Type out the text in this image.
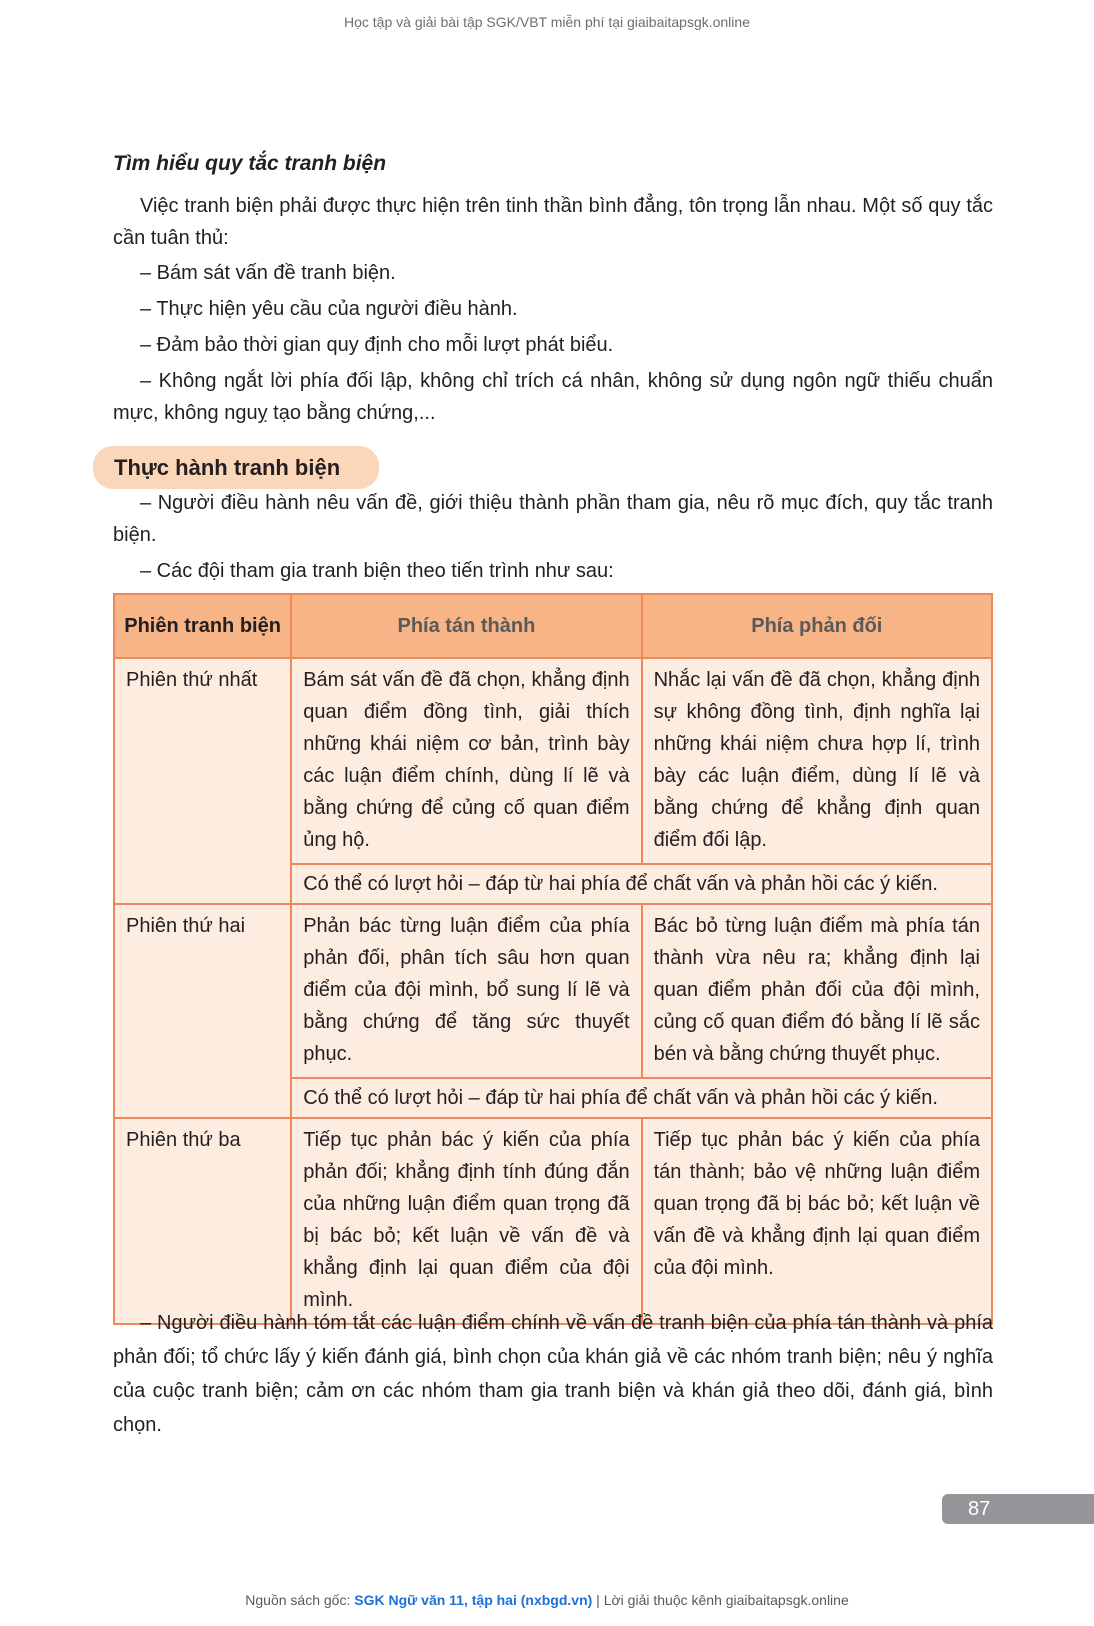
Học tập và giải bài tập SGK/VBT miễn phí tại giaibaitapsgk.online
Tìm hiểu quy tắc tranh biện

Việc tranh biện phải được thực hiện trên tinh thần bình đẳng, tôn trọng lẫn nhau. Một số quy tắc cần tuân thủ:

– Bám sát vấn đề tranh biện.

– Thực hiện yêu cầu của người điều hành.

– Đảm bảo thời gian quy định cho mỗi lượt phát biểu.

– Không ngắt lời phía đối lập, không chỉ trích cá nhân, không sử dụng ngôn ngữ thiếu chuẩn mực, không nguỵ tạo bằng chứng,...

Thực hành tranh biện

– Người điều hành nêu vấn đề, giới thiệu thành phần tham gia, nêu rõ mục đích, quy tắc tranh biện.

– Các đội tham gia tranh biện theo tiến trình như sau:

Phiên tranh biện	Phía tán thành	Phía phản đối
Phiên thứ nhất	Bám sát vấn đề đã chọn, khẳng định quan điểm đồng tình, giải thích những khái niệm cơ bản, trình bày các luận điểm chính, dùng lí lẽ và bằng chứng để củng cố quan điểm ủng hộ.	Nhắc lại vấn đề đã chọn, khẳng định sự không đồng tình, định nghĩa lại những khái niệm chưa hợp lí, trình bày các luận điểm, dùng lí lẽ và bằng chứng để khẳng định quan điểm đối lập.
	Có thể có lượt hỏi – đáp từ hai phía để chất vấn và phản hồi các ý kiến.	
Phiên thứ hai	Phản bác từng luận điểm của phía phản đối, phân tích sâu hơn quan điểm của đội mình, bổ sung lí lẽ và bằng chứng để tăng sức thuyết phục.	Bác bỏ từng luận điểm mà phía tán thành vừa nêu ra; khẳng định lại quan điểm phản đối của đội mình, củng cố quan điểm đó bằng lí lẽ sắc bén và bằng chứng thuyết phục.
	Có thể có lượt hỏi – đáp từ hai phía để chất vấn và phản hồi các ý kiến.	
Phiên thứ ba	Tiếp tục phản bác ý kiến của phía phản đối; khẳng định tính đúng đắn của những luận điểm quan trọng đã bị bác bỏ; kết luận về vấn đề và khẳng định lại quan điểm của đội mình.	Tiếp tục phản bác ý kiến của phía tán thành; bảo vệ những luận điểm quan trọng đã bị bác bỏ; kết luận về vấn đề và khẳng định lại quan điểm của đội mình.

– Người điều hành tóm tắt các luận điểm chính về vấn đề tranh biện của phía tán thành và phía phản đối; tổ chức lấy ý kiến đánh giá, bình chọn của khán giả về các nhóm tranh biện; nêu ý nghĩa của cuộc tranh biện; cảm ơn các nhóm tham gia tranh biện và khán giả theo dõi, đánh giá, bình chọn.

87
Nguồn sách gốc: SGK Ngữ văn 11, tập hai (nxbgd.vn) | Lời giải thuộc kênh giaibaitapsgk.online
